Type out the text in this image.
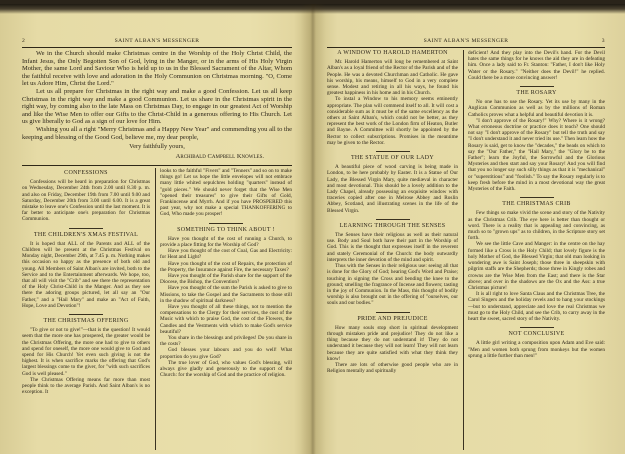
2	SAINT ALBAN'S MESSENGER

We in the Church should make Christmas centre in the Worship of the Holy Christ Child, the Infant Jesus, the Only Begotten Son of God, lying in the Manger, or in the arms of His Holy Virgin Mother, the same Lord and Saviour Who is held up to us in the Blessed Sacrament of the Altar, Whom the faithful receive with love and adoration in the Holy Communion on Christmas morning. "O, Come let us Adore Him, Christ the Lord."

Let us all prepare for Christmas in the right way and make a good Confession. Let us all keep Christmas in the right way and make a good Communion. Let us share in the Christmas spirit in the right way, by coming also to the late Mass on Christmas Day, to engage in our greatest Act of Worship and like the Wise Men to offer our Gifts to the Christ-Child in a generous offering to His Church. Let us give liberally to God as a sign of our love for Him.

Wishing you all a right "Merry Christmas and a Happy New Year" and commending you all to the keeping and blessing of the Good God, believe me, my dear people,

Very faithfully yours,

Archibald Campbell Knowles.

CONFESSIONS

Confessions will be heard in preparation for Christmas on Wednesday, December 24th from 2.00 until 8.30 p. m. and also on Friday, December 19th from 7.00 until 9.00 and Saturday, December 20th from 3.00 until 6.00. It is a great mistake to leave one's Confession until the last moment. It is far better to anticipate one's preparation for Christmas Communion.

THE CHILDREN'S XMAS FESTIVAL

It is hoped that ALL of the Parents and ALL of the Children will be present at the Christmas Festival on Monday night, December 29th, at 7.45 p. m. Nothing makes this occasion so happy as the presence of both old and young. All Members of Saint Alban's are invited, both to the Service and to the Entertainment afterwards. We hope, too, that all will visit the "Crib" and see there the representation of the Holy Christ-Child in the Manger. And as they see there the adoring groups pictured, let all say an "Our Father," and a "Hail Mary" and make an "Act of Faith, Hope, Love and Devotion"!

THE CHRISTMAS OFFERING

"To give or not to give!"—that is the question! It would seem that the more one has prospered, the greater would be the Christmas Offering, the more one had to give to others and spend for oneself, the more one would give to God and spend for His Church! Yet even such giving is not the highest. It is when sacrifice marks the offering that God's largest blessings come to the giver, for "with such sacrifices God is well pleased."

The Christmas Offering means far more than most people think to the average Parish. And Saint Alban's is no exception. It

looks to the faithful "Fivers" and "Tenners" and so on to make things go! Let us hope the little envelopes will not embrace many little whited sepulchres holding "quarters" instead of "gold pieces." We should never forget that the Wise Men "opened their treasures" to give their Gifts of Gold, Frankincense and Myrrh. And if you have PROSPERED this past year, why not make a special THANKOFFERING to God, Who made you prosper!

SOMETHING TO THINK ABOUT !

Have you thought of the cost of running a Church, to provide a place fitting for the Worship of God?

Have you thought of the cost of Coal, Gas and Electricity: for Heat and Light?

Have you thought of the cost of Repairs, the protection of the Property, the Insurance against Fire, the necessary Taxes?

Have you thought of the Parish share for the support of the Diocese, the Bishop, the Convention?

Have you thought of the sum the Parish is asked to give to Missions, to take the Gospel and the Sacraments to those still in the shadow of spiritual darkness?

Have you thought of all these things, not to mention the compensations to the Clergy for their services, the cost of the Music with which to praise God, the cost of the Flowers, the Candles and the Vestments with which to make God's service beautiful?

You share in the blessings and privileges! Do you share in the costs?

God blesses your labours and you do well! What proportion do you give God?

The true lover of God, who values God's blessing, will always give gladly and generously to the support of the Church: for the worship of God and the practice of religion.

SAINT ALBAN'S MESSENGER	3
A WINDOW TO HAROLD HAMERTON

Mr. Harold Hamerton will long be remembered at Saint Alban's as a loyal friend of the Rector of the Parish and of the People. He was a devoted Churchman and Catholic. He gave his worship, his means, himself to God in a very complete sense. Modest and retiring in all his ways, he found his greatest happiness in his home and in his Church.

To instal a Window to his memory seems eminently appropriate. The plan will commend itself to all. It will cost a considerable sum as it must be of the same excellency as the others at Saint Alban's, which could not be better, as they represent the best work of the London firm of Heaton, Butler and Bayne. A Committee will shortly be appointed by the Rector to collect subscriptions. Promises in the meantime may be given to the Rector.

THE STATUE OF OUR LADY

A beautiful piece of wood carving is being made in London, to be here probably by Easter. It is a Statue of Our Lady, the Blessed Virgin Mary, quite mediæval in character and most devotional. This should be a lovely addition to the Lady Chapel, already possessing an exquisite window with traceries copied after one in Melrose Abbey and Roslin Abbey, Scotland, and illustrating scenes in the life of the Blessed Virgin.

LEARNING THROUGH THE SENSES

The Senses have their religious as well as their natural use. Body and Soul both have their part in the Worship of God. This is the thought that expresses itself in the reverent and stately Ceremonial of the Church: the body outwardly interprets the inner devotion of the mind and spirit.

Thus with the Senses in their religious use: seeing all that is done for the Glory of God; hearing God's Word and Praise; touching in signing the Cross and bending the knee to the ground; smelling the fragrance of Incense and flowers; tasting in the joy of Communion. In the Mass, this thought of bodily worship is also brought out in the offering of "ourselves, our souls and our bodies."

PRIDE AND PREJUDICE

How many souls stop short in spiritual development through mistaken pride and prejudice! They do not like a thing because they do not understand it! They do not understand it because they will not learn! They will not learn because they are quite satisfied with what they think they know!

There are lots of otherwise good people who are in Religion mentally and spiritually

deficient! And they play into the Devil's hand. For the Devil hates the same things for he knows the aid they are in defeating him. Once a lady said to Fr. Stanton: "Father, I don't like Holy Water or the Rosary." "Neither does the Devil!" he replied. Could there be a more convincing answer!

THE ROSARY

No one has to use the Rosary. Yet its use by many in the Anglican Communion as well as by the millions of Roman Catholics proves what a helpful and beautiful devotion it is.

"I don't approve of the Rosary!" Why? Where is it wrong? What erroneous doctrine or practice does it teach? One should not say "I don't approve of the Rosary" but tell the truth and say "I don't understand it and never tried its use." Then learn how the Rosary is said, get to know the "decades," the beads on which to say the "Our Father," the "Hail Mary," the "Glory be to the Father"; learn the Joyful, the Sorrowful and the Glorious Mysteries and then start and say your Rosary! And you will find that you no longer say such silly things as that it is "mechanical" or "superstitious" and "foolish." To say the Rosary regularly is to keep fresh before the mind in a most devotional way the great Mysteries of the Faith.

THE CHRISTMAS CRIB

Few things so make vivid the scene and story of the Nativity as the Christmas Crib. The eye here is better than thought or word. There is a reality that is appealing and convincing, as much so to "grown ups" as to children, in the Scripture story set forth.

We see the little Cave and Manger: in the centre on the hay formed like a Cross is the Holy Child; that lovely figure is the holy Mother of God, the Blessed Virgin; that old man looking in wondering awe is Saint Joseph; those three in sheepskin with pilgrim staffs are the Shepherds; those three in Kingly robes and crowns are the Wise Men from the East; and there is the Star above; and over in the shadows are the Ox and the Ass: a true Christmas picture!

It is all right to love Santa Claus and the Christmas Tree, the Carol Singers and the holiday revels and to hang your stockings—but to understand, appreciate and love the real Christmas we must go to the Holy Child, and see the Crib, to carry away in the heart the sweet, sacred story of the Nativity.

NOT CONCLUSIVE

A little girl writing a composition upon Adam and Eve said: "Men and women both sprung from monkeys but the women sprung a little further than men!"
